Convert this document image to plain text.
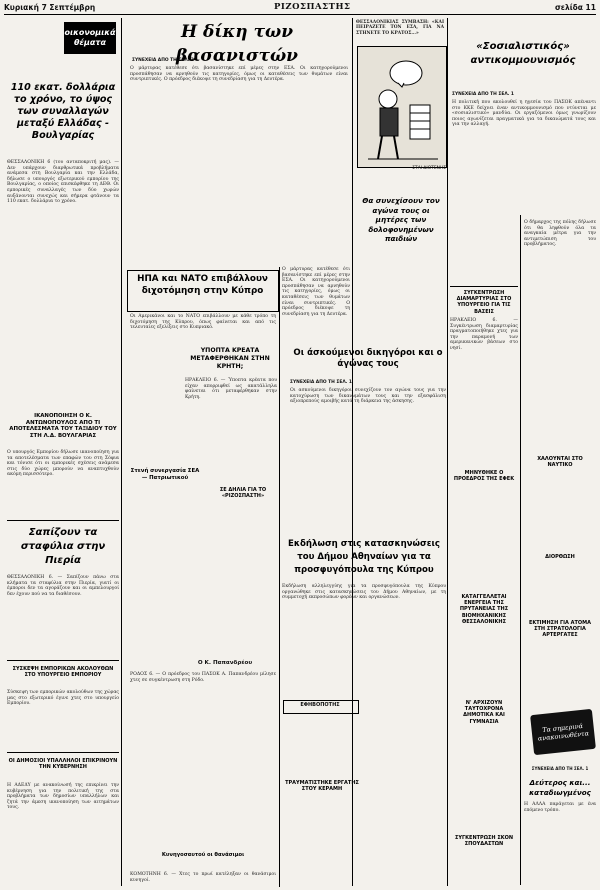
Κυριακή 7 Σεπτέμβρη	ΡΙΖΟΣΠΑΣΤΗΣ	σελίδα 11
οικονομικά θέματα
110 εκατ. δολλάρια το χρόνο, το ύψος των συναλλαγών μεταξύ Ελλάδας - Βουλγαρίας
ΘΕΣΣΑΛΟΝΙΚΗ 6 (του ανταποκριτή μας). — Δεν υπάρχουν διαρθρωτικά προβλήματα ανάμεσα στη Βουλγαρία και την Ελλάδα, δήλωσε ο υπουργός εξωτερικού εμπορίου της Βουλγαρίας, ο οποίος επισκέφθηκε τη ΔΕΘ. Οι εμπορικές συναλλαγές των δύο χωρών αυξάνονται συνεχώς και σήμερα φτάνουν τα 110 εκατ. δολλάρια το χρόνο.
ΙΚΑΝΟΠΟΙΗΣΗ Ο Κ. ΑΝΤΩΝΟΠΟΥΛΟΣ ΑΠΟ ΤΙ ΑΠΟΤΕΛΕΣΜΑΤΑ ΤΟΥ ΤΑΞΙΔΙΟΥ ΤΟΥ ΣΤΗ Λ.Δ. ΒΟΥΛΓΑΡΙΑΣ
Ο υπουργός Εμπορίου δήλωσε ικανοποίηση για τα αποτελέσματα των επαφών του στη Σόφια και τόνισε ότι οι εμπορικές σχέσεις ανάμεσα στις δύο χώρες μπορούν να αναπτυχθούν ακόμη περισσότερο.
Σαπίζουν τα σταφύλια στην Πιερία
ΘΕΣΣΑΛΟΝΙΚΗ 6. — Σαπίζουν πάνω στα κλήματα τα σταφύλια στην Πιερία, γιατί οι έμποροι δεν τα αγοράζουν και οι αμπελουργοί δεν έχουν πού να τα διαθέσουν.
ΣΥΣΚΕΨΗ ΕΜΠΟΡΙΚΩΝ ΑΚΟΛΟΥΘΩΝ ΣΤΟ ΥΠΟΥΡΓΕΙΟ ΕΜΠΟΡΙΟΥ
Σύσκεψη των εμπορικών ακολούθων της χώρας μας στο εξωτερικό έγινε χτες στο υπουργείο Εμπορίου.
ΟΙ ΔΗΜΟΣΙΟΙ ΥΠΑΛΛΗΛΟΙ ΕΠΙΚΡΙΝΟΥΝ ΤΗΝ ΚΥΒΕΡΝΗΣΗ
Η ΑΔΕΔΥ με ανακοίνωσή της επικρίνει την κυβέρνηση για την πολιτική της στα προβλήματα των δημοσίων υπαλλήλων και ζητά την άμεση ικανοποίηση των αιτημάτων τους.
Η δίκη των βασανιστών
ΣΥΝΕΧΕΙΑ ΑΠΟ ΤΗ ΣΕΛ. 3
Ο μάρτυρας κατέθεσε ότι βασανίστηκε επί μέρες στην ΕΣΑ. Οι κατηγορούμενοι προσπάθησαν να αρνηθούν τις κατηγορίες, όμως οι καταθέσεις των θυμάτων είναι συντριπτικές. Ο πρόεδρος διέκοψε τη συνεδρίαση για τη Δευτέρα.
ΗΠΑ και ΝΑΤΟ επιβάλλουν διχοτόμηση στην Κύπρο
Οι Αμερικάνοι και το ΝΑΤΟ επιβάλλουν με κάθε τρόπο τη διχοτόμηση της Κύπρου, όπως φαίνεται και από τις τελευταίες εξελίξεις στο Κυπριακό.
ΥΠΟΠΤΑ ΚΡΕΑΤΑ ΜΕΤΑΦΕΡΘΗΚΑΝ ΣΤΗΝ ΚΡΗΤΗ;
ΗΡΑΚΛΕΙΟ 6. — Ύποπτα κρέατα που είχαν απορριφθεί ως ακατάλληλα φαίνεται ότι μεταφέρθηκαν στην Κρήτη.
Στενή συνεργασία ΣΕΑ — Πατριωτικού
ΣΕ ΔΗΛΙΑ ΓΙΑ ΤΟ «ΡΙΖΟΣΠΑΣΤΗ»
Ο Κ. Παπανδρέου
ΡΟΔΟΣ 6. — Ο πρόεδρος του ΠΑΣΟΚ Α. Παπανδρέου μίλησε χτες σε συγκέντρωση στη Ρόδο.
Κυνηγοσαυτού οι θανάσιμοι
ΚΟΜΟΤΗΝΗ 6. — Χτες το πρωί κατέληξαν οι θανάσιμοι κυνηγοί.
Ο μάρτυρας κατέθεσε ότι βασανίστηκε επί μέρες στην ΕΣΑ. Οι κατηγορούμενοι προσπάθησαν να αρνηθούν τις κατηγορίες, όμως οι καταθέσεις των θυμάτων είναι συντριπτικές. Ο πρόεδρος διέκοψε τη συνεδρίαση για τη Δευτέρα.
ΘΕΣΣΑΛΟΝΙΚΙΑΣ ΣΥΜΒΑΣΗ: «ΚΑΙ ΠΕΙΡΑΖΕΤΕ ΤΟΝ ΕΣΑ, ΓΙΑ ΝΑ ΣΤΗΝΕΤΕ ΤΟ ΚΡΑΤΟΣ...»
ΣΤΑΙ ΔΙΟΤΕΝΗΣ
Θα συνεχίσουν τον αγώνα τους οι μητέρες των δολοφονημένων παιδιών
Οι άσκούμενοι δικηγόροι και ο άγώνας τους
ΣΥΝΕΧΕΙΑ ΑΠΟ ΤΗ ΣΕΛ. 1
Οι ασκούμενοι δικηγόροι συνεχίζουν τον αγώνα τους για την κατοχύρωση των δικαιωμάτων τους και την εξασφάλιση αξιοπρεπούς αμοιβής κατά τη διάρκεια της άσκησης.
Εκδήλωση στις κατασκηνώσεις του Δήμου Αθηναίων για τα προσφυγόπουλα της Κύπρου
Εκδήλωση αλληλεγγύης για τα προσφυγόπουλα της Κύπρου οργανώθηκε στις κατασκηνώσεις του Δήμου Αθηναίων, με τη συμμετοχή εκπροσώπων φορέων και οργανώσεων.
ΕΦΗΒΟΠΟΤΗΣ
ΤΡΑΥΜΑΤΙΣΤΗΚΕ ΕΡΓΑΤΗΣ ΣΤΟΥ ΚΕΡΑΜΗ
«Σοσιαλιστικός» αντικομμουνισμός
ΣΥΝΕΧΕΙΑ ΑΠΟ ΤΗ ΣΕΛ. 1
Η πολιτική που ακολουθεί η ηγεσία του ΠΑΣΟΚ απέναντι στο ΚΚΕ δείχνει έναν αντικομμουνισμό που ντύνεται με «σοσιαλιστικό» μανδύα. Οι εργαζόμενοι όμως γνωρίζουν ποιος αγωνίζεται πραγματικά για τα δικαιώματά τους και για την αλλαγή.
ΣΥΓΚΕΝΤΡΩΣΗ ΔΙΑΜΑΡΤΥΡΙΑΣ ΣΤΟ ΥΠΟΥΡΓΕΙΟ ΓΙΑ ΤΙΣ ΒΑΣΕΙΣ
ΗΡΑΚΛΕΙΟ 6. — Συγκέντρωση διαμαρτυρίας πραγματοποιήθηκε χτες για την παραμονή των αμερικανικών βάσεων στο νησί.
ΜΗΝΥΘΗΚΕ Ο ΠΡΟΕΔΡΟΣ ΤΗΣ ΕΦΕΚ
ΚΑΤΑΓΓΕΛΛΕΤΑΙ ΕΝΕΡΓΕΙΑ ΤΗΣ ΠΡΥΤΑΝΕΙΑΣ ΤΗΣ ΒΙΟΜΗΧΑΝΙΚΗΣ ΘΕΣΣΑΛΟΝΙΚΗΣ
Ν' ΑΡΧΙΖΟΥΝ ΤΑΥΤΟΧΡΟΝΑ ΔΗΜΟΤΙΚΑ ΚΑΙ ΓΥΜΝΑΣΙΑ
ΣΥΓΚΕΝΤΡΩΣΗ ΣΚΟΝ ΣΠΟΥΔΑΣΤΩΝ
Ο δήμαρχος της πόλης δήλωσε ότι θα ληφθούν όλα τα αναγκαία μέτρα για την αντιμετώπιση του προβλήματος.
ΧΑΛΟΥΝΤΑΙ ΣΤΟ ΝΑΥΤΙΚΟ
ΔΙΟΡΘΩΣΗ
ΕΚΤΙΜΗΣΗ ΓΙΑ ΑΤΟΜΑ ΣΤΗ ΣΤΡΑΤΟΛΟΓΙΑ ΑΡΤΕΡΓΑΤΕΣ
Τα σημερινά ανακοινωθέντα
ΣΥΝΕΧΕΙΑ ΑΠΟ ΤΗ ΣΕΛ. 1
Δεύτερος και... καταδιωγμένος
Η ΑΛΛΑ παράγεται με ένα επόμενο τρόπο.
